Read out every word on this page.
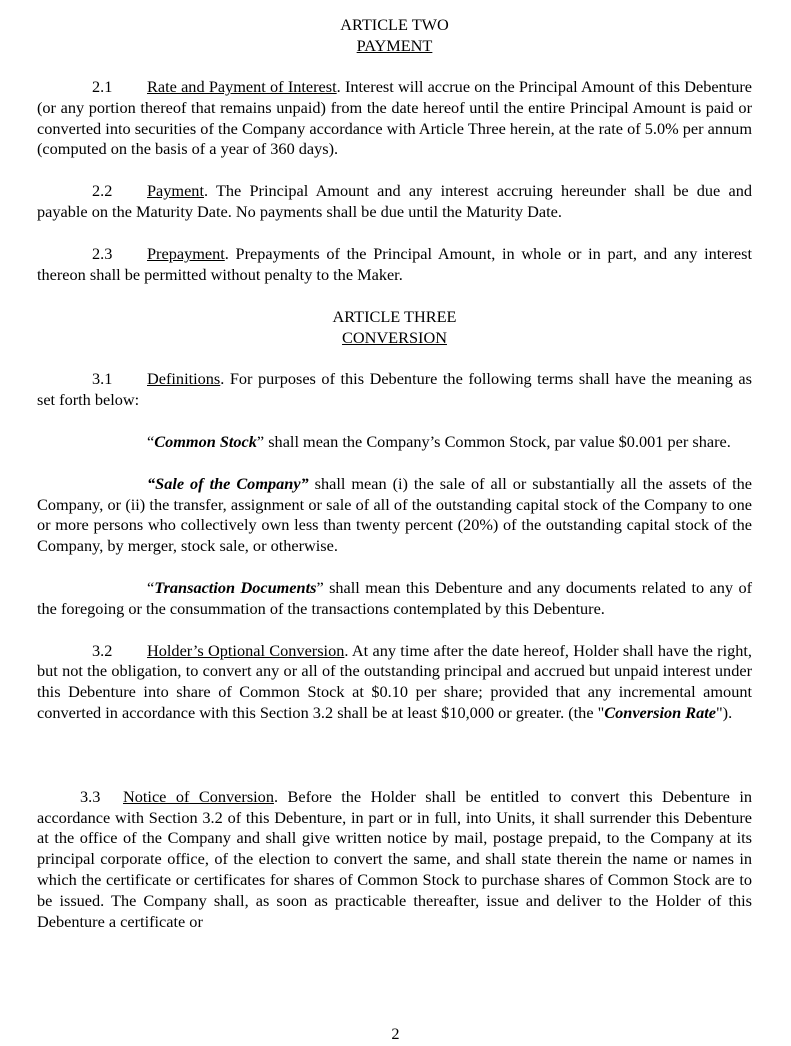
ARTICLE TWO
PAYMENT

2.1 Rate and Payment of Interest. Interest will accrue on the Principal Amount of this Debenture (or any portion thereof that remains unpaid) from the date hereof until the entire Principal Amount is paid or converted into securities of the Company accordance with Article Three herein, at the rate of 5.0% per annum (computed on the basis of a year of 360 days).

2.2 Payment. The Principal Amount and any interest accruing hereunder shall be due and payable on the Maturity Date. No payments shall be due until the Maturity Date.

2.3 Prepayment. Prepayments of the Principal Amount, in whole or in part, and any interest thereon shall be permitted without penalty to the Maker.

ARTICLE THREE
CONVERSION

3.1 Definitions. For purposes of this Debenture the following terms shall have the meaning as set forth below:

“Common Stock” shall mean the Company’s Common Stock, par value $0.001 per share.

“Sale of the Company” shall mean (i) the sale of all or substantially all the assets of the Company, or (ii) the transfer, assignment or sale of all of the outstanding capital stock of the Company to one or more persons who collectively own less than twenty percent (20%) of the outstanding capital stock of the Company, by merger, stock sale, or otherwise.

“Transaction Documents” shall mean this Debenture and any documents related to any of the foregoing or the consummation of the transactions contemplated by this Debenture.

3.2 Holder’s Optional Conversion. At any time after the date hereof, Holder shall have the right, but not the obligation, to convert any or all of the outstanding principal and accrued but unpaid interest under this Debenture into share of Common Stock at $0.10 per share; provided that any incremental amount converted in accordance with this Section 3.2 shall be at least $10,000 or greater. (the "Conversion Rate").

3.3 Notice of Conversion. Before the Holder shall be entitled to convert this Debenture in accordance with Section 3.2 of this Debenture, in part or in full, into Units, it shall surrender this Debenture at the office of the Company and shall give written notice by mail, postage prepaid, to the Company at its principal corporate office, of the election to convert the same, and shall state therein the name or names in which the certificate or certificates for shares of Common Stock to purchase shares of Common Stock are to be issued. The Company shall, as soon as practicable thereafter, issue and deliver to the Holder of this Debenture a certificate or

2
